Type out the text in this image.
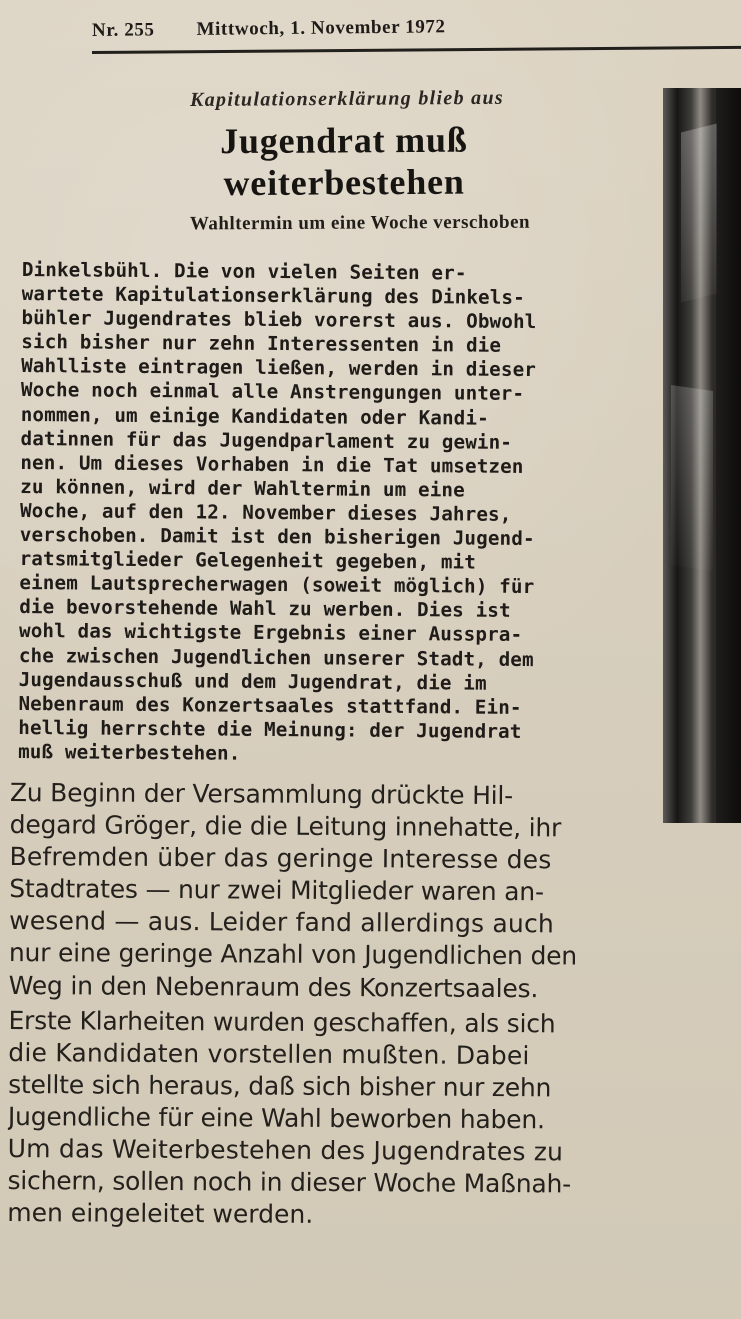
Nr. 255 Mittwoch, 1. November 1972

Kapitulationserklärung blieb aus

Jugendrat muß
weiterbestehen

Wahltermin um eine Woche verschoben

Dinkelsbühl. Die von vielen Seiten er-
wartete Kapitulationserklärung des Dinkels-
bühler Jugendrates blieb vorerst aus. Obwohl
sich bisher nur zehn Interessenten in die
Wahlliste eintragen ließen, werden in dieser
Woche noch einmal alle Anstrengungen unter-
nommen, um einige Kandidaten oder Kandi-
datinnen für das Jugendparlament zu gewin-
nen. Um dieses Vorhaben in die Tat umsetzen
zu können, wird der Wahltermin um eine
Woche, auf den 12. November dieses Jahres,
verschoben. Damit ist den bisherigen Jugend-
ratsmitglieder Gelegenheit gegeben, mit
einem Lautsprecherwagen (soweit möglich) für
die bevorstehende Wahl zu werben. Dies ist
wohl das wichtigste Ergebnis einer Ausspra-
che zwischen Jugendlichen unserer Stadt, dem
Jugendausschuß und dem Jugendrat, die im
Nebenraum des Konzertsaales stattfand. Ein-
hellig herrschte die Meinung: der Jugendrat
muß weiterbestehen.
Zu Beginn der Versammlung drückte Hil-
degard Gröger, die die Leitung innehatte, ihr
Befremden über das geringe Interesse des
Stadtrates — nur zwei Mitglieder waren an-
wesend — aus. Leider fand allerdings auch
nur eine geringe Anzahl von Jugendlichen den
Weg in den Nebenraum des Konzertsaales.
Erste Klarheiten wurden geschaffen, als sich
die Kandidaten vorstellen mußten. Dabei
stellte sich heraus, daß sich bisher nur zehn
Jugendliche für eine Wahl beworben haben.
Um das Weiterbestehen des Jugendrates zu
sichern, sollen noch in dieser Woche Maßnah-
men eingeleitet werden.
